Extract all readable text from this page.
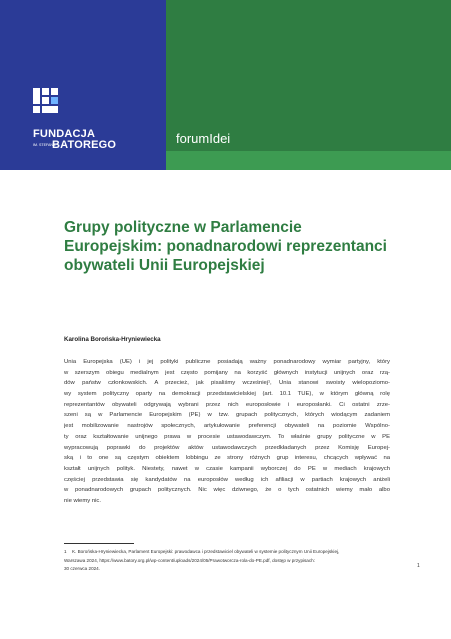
FUNDACJA
IM. STEFANA
BATOREGO	forumIdei
Grupy polityczne w Parlamencie Europejskim: ponadnarodowi reprezentanci obywateli Unii Europejskiej
Karolina Borońska-Hryniewiecka
Unia Europejska (UE) i jej polityki publiczne posiadają ważny ponadnarodowy wymiar partyjny, który
w szerszym obiegu medialnym jest często pomijany na korzyść głównych instytucji unijnych oraz rzą-
dów państw członkowskich. A przecież, jak pisaliśmy wcześniej¹, Unia stanowi swoisty wielopoziomo-
wy system polityczny oparty na demokracji przedstawicielskiej (art. 10.1 TUE), w którym główną rolę
reprezentantów obywateli odgrywają wybrani przez nich europosłowie i europosłanki. Ci ostatni zrze-
szeni są w Parlamencie Europejskim (PE) w tzw. grupach politycznych, których wiodącym zadaniem
jest mobilizowanie nastrojów społecznych, artykułowanie preferencji obywateli na poziomie Wspólno-
ty oraz kształtowanie unijnego prawa w procesie ustawodawczym. To właśnie grupy polityczne w PE
wypracowują poprawki do projektów aktów ustawodawczych przedkładanych przez Komisję Europej-
ską i to one są częstym obiektem lobbingu ze strony różnych grup interesu, chcących wpływać na
kształt unijnych polityk. Niestety, nawet w czasie kampanii wyborczej do PE w mediach krajowych
częściej przedstawia się kandydatów na europosłów według ich afiliacji w partiach krajowych aniżeli
w ponadnarodowych grupach politycznych. Nic więc dziwnego, że o tych ostatnich wiemy mało albo
nie wiemy nic.
1 K. Borońska-Hryniewiecka, Parlament Europejski: prawodawca i przedstawiciel obywateli w systemie politycznym Unii Europejskiej,
Warszawa 2024, https://www.batory.org.pl/wp-content/uploads/2024/05/Prawotworcza-rola-do-PE.pdf, dostęp w przypisach:
30 czerwca 2024.	1
